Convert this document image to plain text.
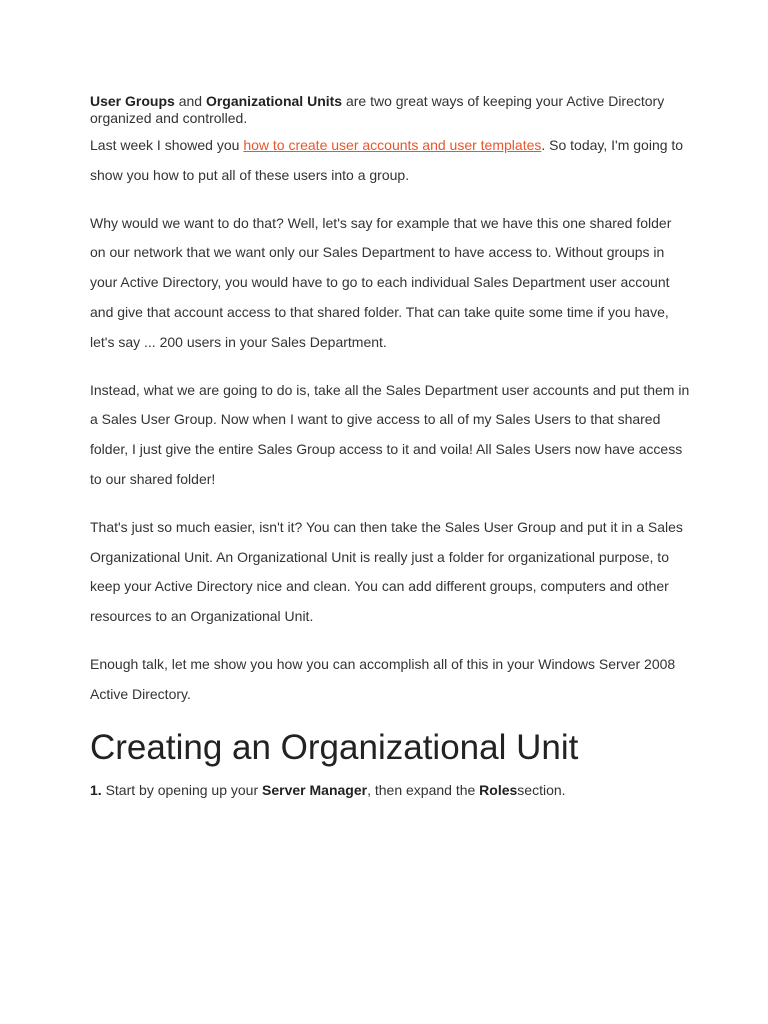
User Groups and Organizational Units are two great ways of keeping your Active Directory organized and controlled.

Last week I showed you how to create user accounts and user templates. So today, I'm going to show you how to put all of these users into a group.

Why would we want to do that? Well, let's say for example that we have this one shared folder on our network that we want only our Sales Department to have access to. Without groups in your Active Directory, you would have to go to each individual Sales Department user account and give that account access to that shared folder. That can take quite some time if you have, let's say ... 200 users in your Sales Department.

Instead, what we are going to do is, take all the Sales Department user accounts and put them in a Sales User Group. Now when I want to give access to all of my Sales Users to that shared folder, I just give the entire Sales Group access to it and voila! All Sales Users now have access to our shared folder!

That's just so much easier, isn't it? You can then take the Sales User Group and put it in a Sales Organizational Unit. An Organizational Unit is really just a folder for organizational purpose, to keep your Active Directory nice and clean. You can add different groups, computers and other resources to an Organizational Unit.

Enough talk, let me show you how you can accomplish all of this in your Windows Server 2008 Active Directory.

Creating an Organizational Unit

1. Start by opening up your Server Manager, then expand the Rolessection.
